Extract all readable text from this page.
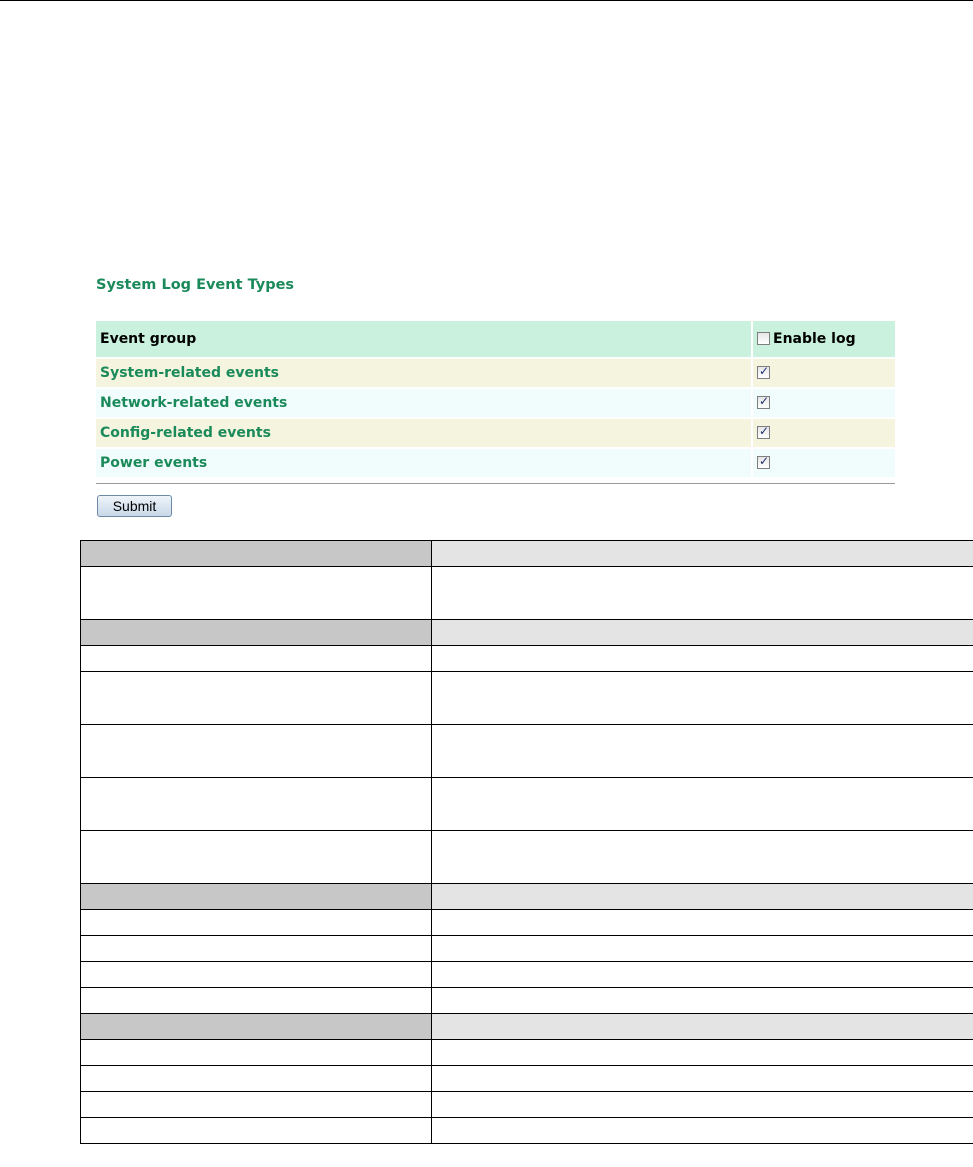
System Log Event Types
Event group	Enable log
System-related events	✓

Network-related events	✓

Config-related events	✓

Power events	✓
Submit
